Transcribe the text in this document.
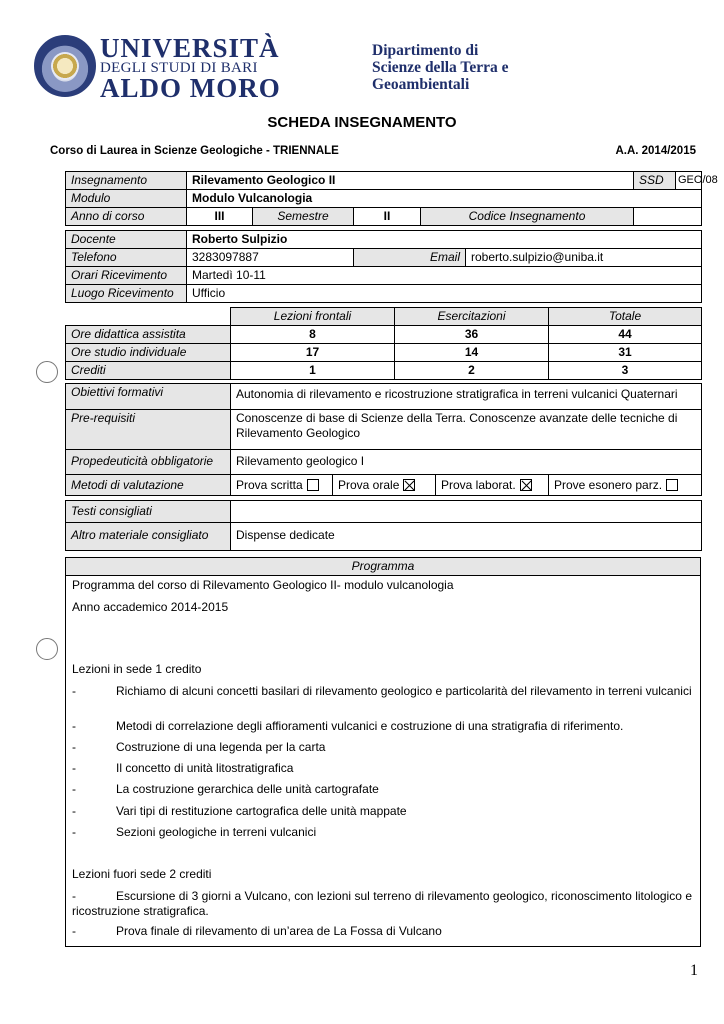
UNIVERSITÀ
DEGLI STUDI DI BARI
ALDO MORO
Dipartimento di
Scienze della Terra e
Geoambientali
SCHEDA INSEGNAMENTO
Corso di Laurea in Scienze Geologiche - TRIENNALE	A.A. 2014/2015
Insegnamento	Rilevamento Geologico II				SSD	GEO/08
Modulo	Modulo Vulcanologia					
Anno di corso	III	Semestre	II	Codice Insegnamento		
Docente	Roberto Sulpizio		
Telefono	3283097887	Email	roberto.sulpizio@uniba.it
Orari Ricevimento	Martedì 10-11		
Luogo Ricevimento	Ufficio		
	Lezioni frontali	Esercitazioni	Totale
Ore didattica assistita	8	36	44
Ore studio individuale	17	14	31
Crediti	1	2	3
Obiettivi formativi	Autonomia di rilevamento e ricostruzione stratigrafica in terreni vulcanici Quaternari			
Pre-requisiti	Conoscenze di base di Scienze della Terra. Conoscenze avanzate delle tecniche di Rilevamento Geologico			
Propedeuticità obbligatorie	Rilevamento geologico I			
Metodi di valutazione	Prova scritta	Prova orale	Prova laborat.	Prove esonero parz.
Testi consigliati	
Altro materiale consigliato	Dispense dedicate
Programma
Programma del corso di Rilevamento Geologico II- modulo vulcanologia
Anno accademico 2014-2015
Lezioni in sede 1 credito
-	Richiamo di alcuni concetti basilari di rilevamento geologico e particolarità del rilevamento in terreni vulcanici
-	Metodi di correlazione degli affioramenti vulcanici e costruzione di una stratigrafia di riferimento.
-	Costruzione di una legenda per la carta
-	Il concetto di unità litostratigrafica
-	La costruzione gerarchica delle unità cartografate
-	Vari tipi di restituzione cartografica delle unità mappate
-	Sezioni geologiche in terreni vulcanici
Lezioni fuori sede 2 crediti
-	Escursione di 3 giorni a Vulcano, con lezioni sul terreno di rilevamento geologico, riconoscimento litologico e ricostruzione stratigrafica.
-	Prova finale di rilevamento di un’area de La Fossa di Vulcano
1
